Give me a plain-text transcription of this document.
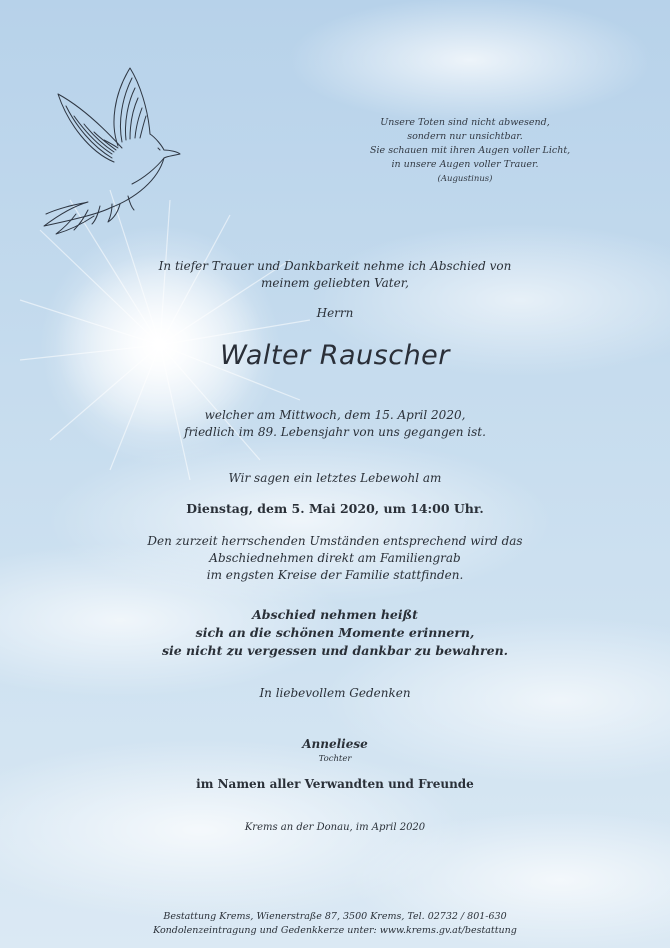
Unsere Toten sind nicht abwesend,
sondern nur unsichtbar.
Sie schauen mit ihren Augen voller Licht,
in unsere Augen voller Trauer.
(Augustinus)
In tiefer Trauer und Dankbarkeit nehme ich Abschied von
meinem geliebten Vater,
Herrn
Walter Rauscher
welcher am Mittwoch, dem 15. April 2020,
friedlich im 89. Lebensjahr von uns gegangen ist.
Wir sagen ein letztes Lebewohl am
Dienstag, dem 5. Mai 2020, um 14:00 Uhr.
Den zurzeit herrschenden Umständen entsprechend wird das
Abschiednehmen direkt am Familiengrab
im engsten Kreise der Familie stattfinden.
Abschied nehmen heißt
sich an die schönen Momente erinnern,
sie nicht zu vergessen und dankbar zu bewahren.
In liebevollem Gedenken
Anneliese
Tochter
im Namen aller Verwandten und Freunde
Krems an der Donau, im April 2020
Bestattung Krems, Wienerstraße 87, 3500 Krems, Tel. 02732 / 801-630
Kondolenzeintragung und Gedenkkerze unter: www.krems.gv.at/bestattung
